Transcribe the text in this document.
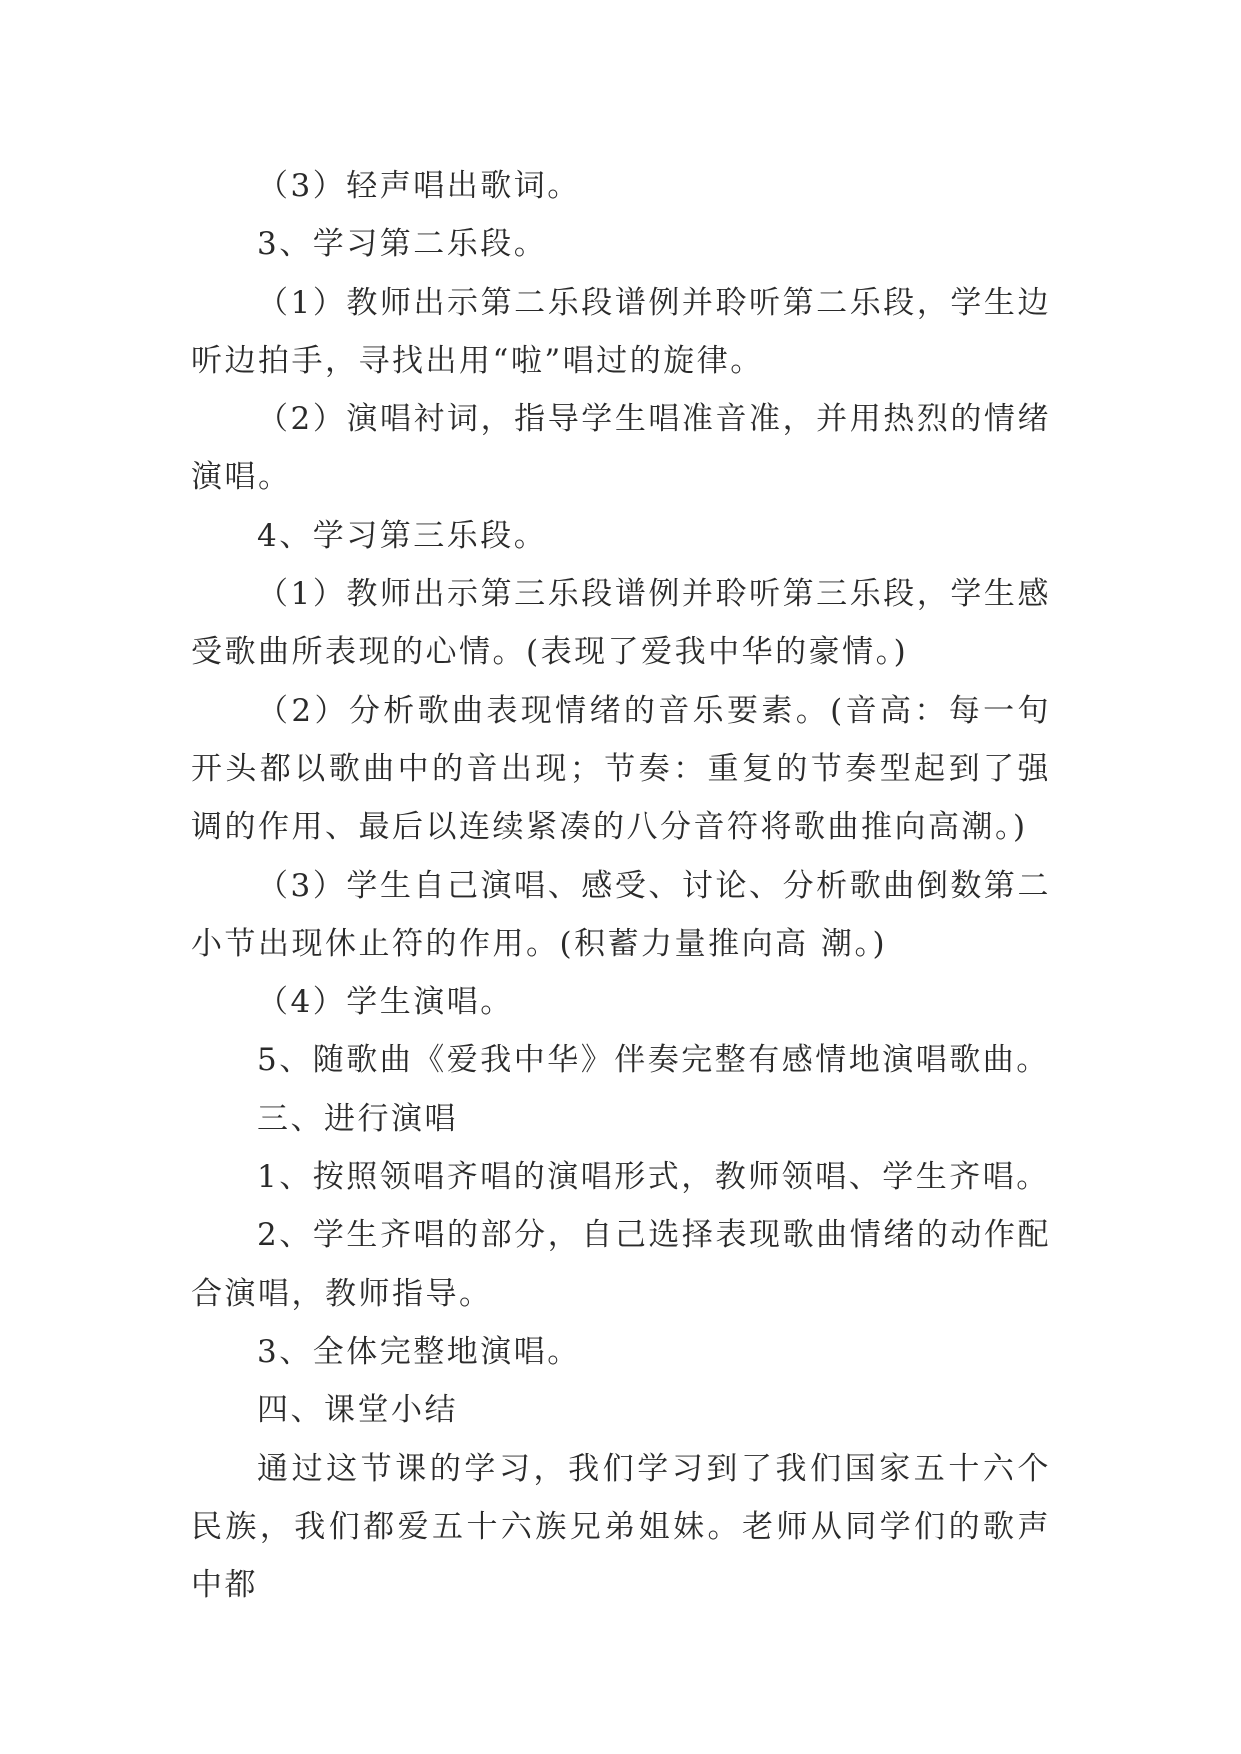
（3）轻声唱出歌词。

3、学习第二乐段。

（1）教师出示第二乐段谱例并聆听第二乐段，学生边听边拍手，寻找出用“啦”唱过的旋律。

（2）演唱衬词，指导学生唱准音准，并用热烈的情绪演唱。

4、学习第三乐段。

（1）教师出示第三乐段谱例并聆听第三乐段，学生感受歌曲所表现的心情。(表现了爱我中华的豪情。)

（2）分析歌曲表现情绪的音乐要素。(音高：每一句开头都以歌曲中的音出现；节奏：重复的节奏型起到了强调的作用、最后以连续紧凑的八分音符将歌曲推向高潮。)

（3）学生自己演唱、感受、讨论、分析歌曲倒数第二小节出现休止符的作用。(积蓄力量推向高 潮。)

（4）学生演唱。

5、随歌曲《爱我中华》伴奏完整有感情地演唱歌曲。

三、进行演唱

1、按照领唱齐唱的演唱形式，教师领唱、学生齐唱。

2、学生齐唱的部分，自己选择表现歌曲情绪的动作配合演唱，教师指导。

3、全体完整地演唱。

四、课堂小结

通过这节课的学习，我们学习到了我们国家五十六个民族，我们都爱五十六族兄弟姐妹。老师从同学们的歌声中都
